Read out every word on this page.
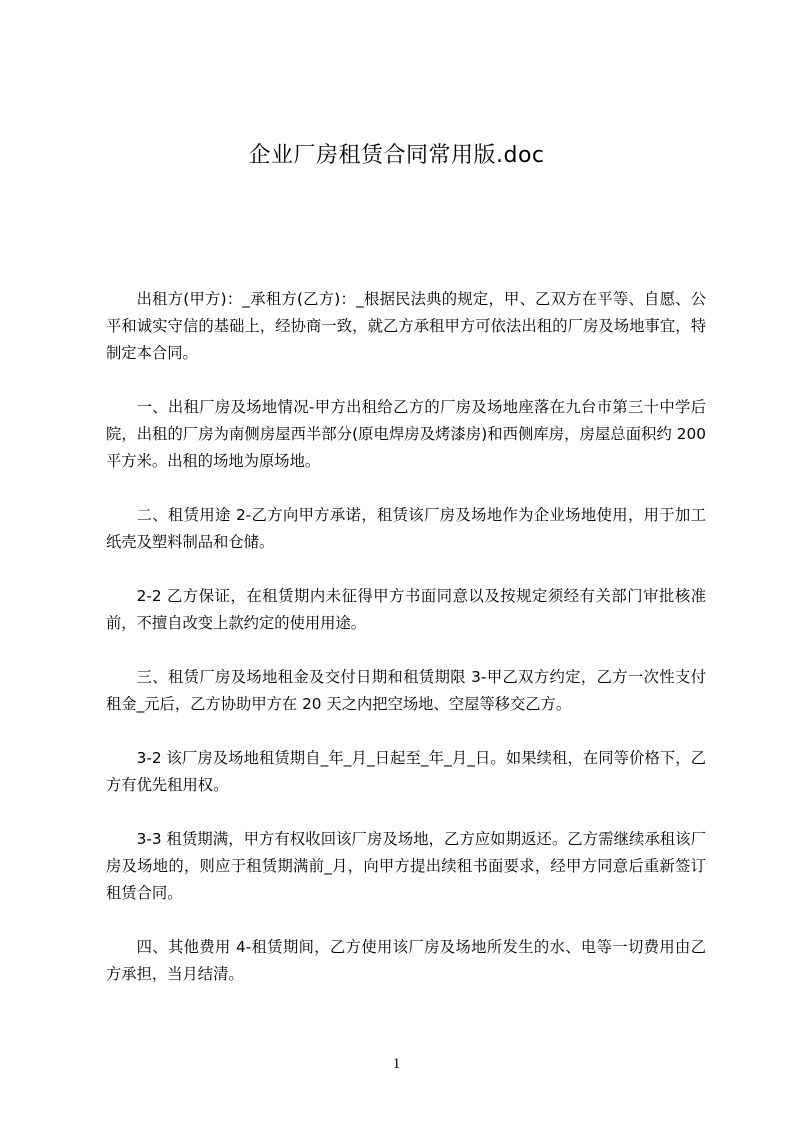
企业厂房租赁合同常用版.doc

出租方(甲方)：_承租方(乙方)：_根据民法典的规定，甲、乙双方在平等、自愿、公平和诚实守信的基础上，经协商一致，就乙方承租甲方可依法出租的厂房及场地事宜，特制定本合同。

一、出租厂房及场地情况-甲方出租给乙方的厂房及场地座落在九台市第三十中学后院，出租的厂房为南侧房屋西半部分(原电焊房及烤漆房)和西侧库房，房屋总面积约 200 平方米。出租的场地为原场地。

二、租赁用途 2-乙方向甲方承诺，租赁该厂房及场地作为企业场地使用，用于加工纸壳及塑料制品和仓储。

2-2 乙方保证，在租赁期内未征得甲方书面同意以及按规定须经有关部门审批核准前，不擅自改变上款约定的使用用途。

三、租赁厂房及场地租金及交付日期和租赁期限 3-甲乙双方约定，乙方一次性支付租金_元后，乙方协助甲方在 20 天之内把空场地、空屋等移交乙方。

3-2 该厂房及场地租赁期自_年_月_日起至_年_月_日。如果续租，在同等价格下，乙方有优先租用权。

3-3 租赁期满，甲方有权收回该厂房及场地，乙方应如期返还。乙方需继续承租该厂房及场地的，则应于租赁期满前_月，向甲方提出续租书面要求，经甲方同意后重新签订租赁合同。

四、其他费用 4-租赁期间，乙方使用该厂房及场地所发生的水、电等一切费用由乙方承担，当月结清。

1
